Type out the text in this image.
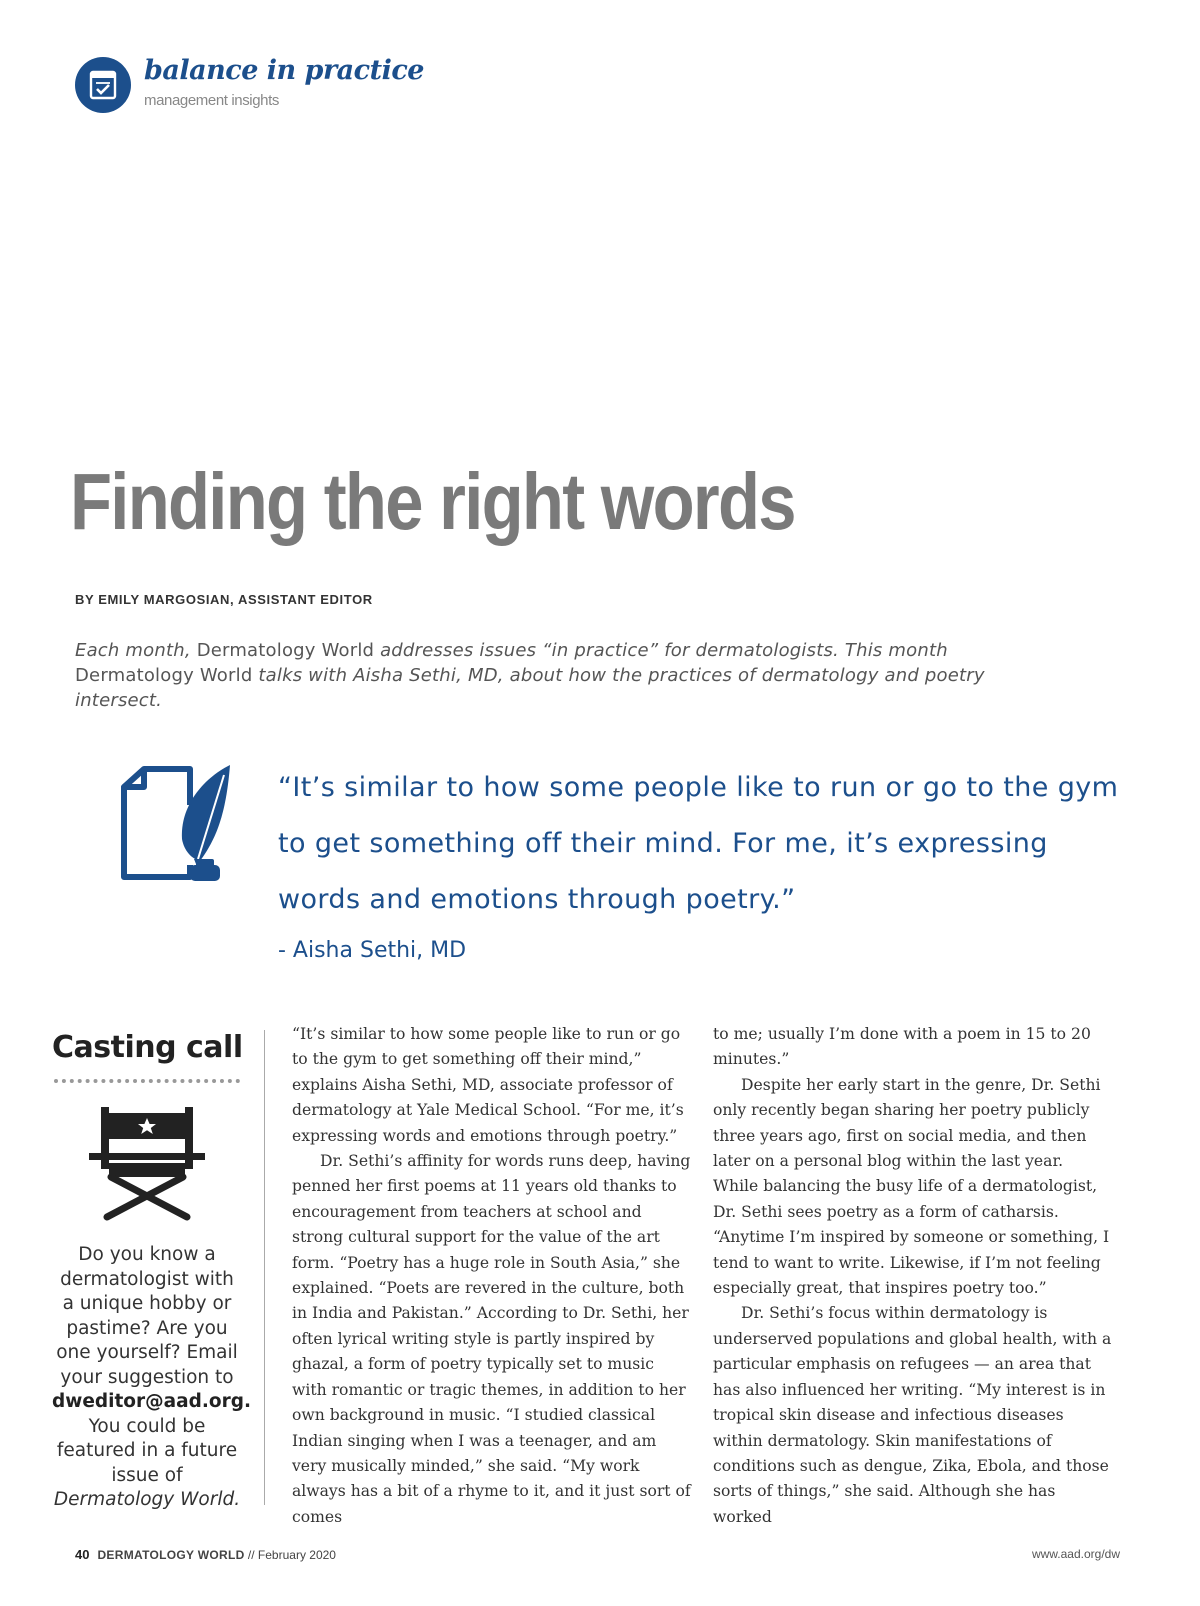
balance in practice
management insights
Finding the right words
BY EMILY MARGOSIAN, ASSISTANT EDITOR
Each month, Dermatology World addresses issues “in practice” for dermatologists. This month Dermatology World talks with Aisha Sethi, MD, about how the practices of dermatology and poetry intersect.
“It’s similar to how some people like to run or go to the gym to get something off their mind. For me, it’s expressing words and emotions through poetry.”
- Aisha Sethi, MD
Casting call
Do you know a dermatologist with a unique hobby or pastime? Are you one yourself? Email your suggestion to dweditor@aad.org. You could be featured in a future issue of Dermatology World.

“It’s similar to how some people like to run or go to the gym to get something off their mind,” explains Aisha Sethi, MD, associate professor of dermatology at Yale Medical School. “For me, it’s expressing words and emotions through poetry.”

Dr. Sethi’s affinity for words runs deep, having penned her first poems at 11 years old thanks to encouragement from teachers at school and strong cultural support for the value of the art form. “Poetry has a huge role in South Asia,” she explained. “Poets are revered in the culture, both in India and Pakistan.” According to Dr. Sethi, her often lyrical writing style is partly inspired by ghazal, a form of poetry typically set to music with romantic or tragic themes, in addition to her own background in music. “I studied classical Indian singing when I was a teenager, and am very musically minded,” she said. “My work always has a bit of a rhyme to it, and it just sort of comes

to me; usually I’m done with a poem in 15 to 20 minutes.”

Despite her early start in the genre, Dr. Sethi only recently began sharing her poetry publicly three years ago, first on social media, and then later on a personal blog within the last year. While balancing the busy life of a dermatologist, Dr. Sethi sees poetry as a form of catharsis. “Anytime I’m inspired by someone or something, I tend to want to write. Likewise, if I’m not feeling especially great, that inspires poetry too.”

Dr. Sethi’s focus within dermatology is underserved populations and global health, with a particular emphasis on refugees — an area that has also influenced her writing. “My interest is in tropical skin disease and infectious diseases within dermatology. Skin manifestations of conditions such as dengue, Zika, Ebola, and those sorts of things,” she said. Although she has worked

40 DERMATOLOGY WORLD // February 2020	www.aad.org/dw
